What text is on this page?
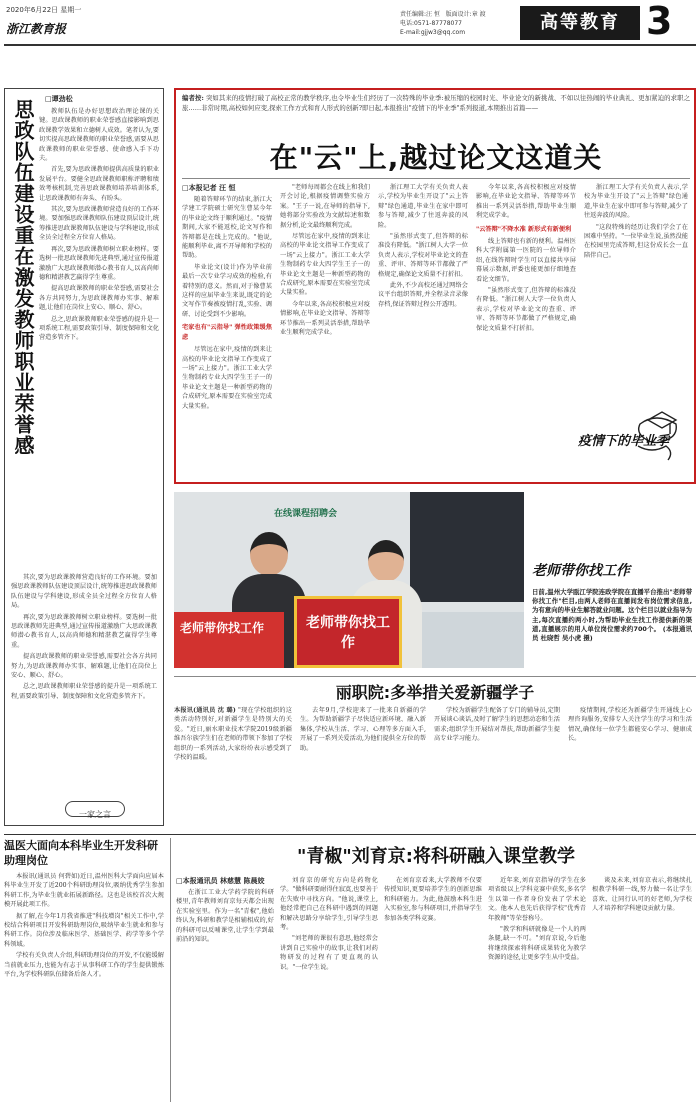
2020年6月22日 星期一
浙江教育报
责任编辑:汪 恒 版面设计:章 渡
电话:0571-87778077
E-mail:gjjw3@qq.com	高等教育 3
□谭劲松
思政队伍建设重在激发教师职业荣誉感	教师队伍是办好思想政治理论课的关键。思政课教师的职业荣誉感直接影响到思政课教学效果和立德树人成效。笔者认为,要切实提高思政课教师的职业荣誉感,需要从思政课教师的职业荣誉感、使命感入手下功夫。

首先,要为思政课教师提供高质量的职业发展平台。要健全思政课教师职称评聘和绩效考核机制,完善思政课教师培养培训体系,让思政课教师有奔头、有盼头。

其次,要为思政课教师营造良好的工作环境。要加强思政课教师队伍建设顶层设计,统筹推进思政课教师队伍建设与学科建设,形成全员全过程全方位育人格局。

再次,要为思政课教师树立职业榜样。要选树一批思政课教师先进典型,通过宣传报道激励广大思政课教师潜心教书育人,以高尚师德和精湛教艺赢得学生尊重。

提高思政课教师的职业荣誉感,需要社会各方共同努力,为思政课教师办实事、解难题,让他们在岗位上安心、顺心、舒心。

总之,思政课教师职业荣誉感的提升是一项系统工程,需要政策引导、制度保障和文化营造多管齐下。

其次,要为思政课教师营造良好的工作环境。要加强思政课教师队伍建设顶层设计,统筹推进思政课教师队伍建设与学科建设,形成全员全过程全方位育人格局。

再次,要为思政课教师树立职业榜样。要选树一批思政课教师先进典型,通过宣传报道激励广大思政课教师潜心教书育人,以高尚师德和精湛教艺赢得学生尊重。

提高思政课教师的职业荣誉感,需要社会各方共同努力,为思政课教师办实事、解难题,让他们在岗位上安心、顺心、舒心。

总之,思政课教师职业荣誉感的提升是一项系统工程,需要政策引导、制度保障和文化营造多管齐下。

一家之言
编者按: 突如其来的疫情打破了高校正常的教学秩序,也令毕业生们经历了一次特殊的毕业季:被压缩的校园时光、毕业论文的新挑战、不如以往热闹的毕业典礼、更加紧迫的求职之旅……非常时期,高校如何应变,探索工作方式和育人形式的创新?即日起,本报推出"疫情下的毕业季"系列报道,本期推出首篇——
在"云"上,越过论文这道关
□本报记者 汪 恒

随着答辩环节的结束,浙江大学建工学院硕士研究生曹某今年的毕业论文终于顺利通过。"疫情期间,大家不能返校,论文写作和答辩都是在线上完成的。"他说,能顺利毕业,离不开导师和学校的帮助。

毕业论文(设计)作为毕业前最后一次专业学习成效的检验,有着特别的意义。然而,对于像曹某这样的应届毕业生来说,既定的论文写作节奏被疫情打乱,实验、调研、讨论受到不少影响。

宅家也有"云指导" 弹性政策缓焦虑

尽管远在家中,疫情的到来让高校的毕业论文指导工作变成了一场"云上接力"。浙江工业大学生物制药专业大四学生王子一的毕业论文主题是一种新型药物的合成研究,原本需要在实验室完成大量实验。

"老师每周都会在线上和我们开会讨论,根据疫情调整实验方案。"王子一说,在导师的指导下,她将部分实验改为文献综述和数据分析,论文最终顺利完成。

尽管远在家中,疫情的到来让高校的毕业论文指导工作变成了一场"云上接力"。浙江工业大学生物制药专业大四学生王子一的毕业论文主题是一种新型药物的合成研究,原本需要在实验室完成大量实验。

今年以来,各高校积极应对疫情影响,在毕业论文指导、答辩等环节推出一系列灵活举措,帮助毕业生顺利完成学业。

浙江理工大学有关负责人表示,学校为毕业生开设了"云上答辩"绿色通道,毕业生在家中即可参与答辩,减少了往返奔波的风险。

"虽然形式变了,但答辩的标准没有降低。"浙江树人大学一位负责人表示,学校对毕业论文的查重、评审、答辩等环节都做了严格规定,确保论文质量不打折扣。

此外,不少高校还通过网络会议平台组织答辩,并全程录音录像存档,保证答辩过程公开透明。

今年以来,各高校积极应对疫情影响,在毕业论文指导、答辩等环节推出一系列灵活举措,帮助毕业生顺利完成学业。

"云答辩"不降水准 新形式有新便利

线上答辩也有新的便利。温州医科大学附属第一医院的一位导师介绍,在线答辩时学生可以直接共享屏幕展示数据,评委也能更加仔细地查看论文细节。

"虽然形式变了,但答辩的标准没有降低。"浙江树人大学一位负责人表示,学校对毕业论文的查重、评审、答辩等环节都做了严格规定,确保论文质量不打折扣。

浙江理工大学有关负责人表示,学校为毕业生开设了"云上答辩"绿色通道,毕业生在家中即可参与答辩,减少了往返奔波的风险。

"这段特殊的经历让我们学会了在困难中坚持。"一位毕业生说,虽然没能在校园里完成答辩,但这份成长会一直陪伴自己。

疫情下的毕业季
在线课程招聘会
老师带你找工作
老师带你找工作
老师带你找工作
日前,温州大学瓯江学院连政学院在直播平台推出"老师带你找工作"栏目,由两人老师在直播间发布岗位需求信息,为有意向的毕业生解答就业问题。这个栏目以就业指导为主,每次直播约两小时,为帮助毕业生找工作提供新的渠道,直播展示的用人单位岗位需求约700个。 (本报通讯员 杜晓哲 吴小虎 摄)
丽职院:多举措关爱新疆学子
本报讯(通讯员 沈 璐) "现在学校组织的这类活动特别好,对新疆学生是特别大的关爱。"近日,丽水职业技术学院2019级新疆维吾尔族学生们在老师的带领下参加了学校组织的一系列活动,大家纷纷表示感受到了学校的温暖。

去年9月,学校迎来了一批来自新疆的学生。为帮助新疆学子尽快适应新环境、融入新集体,学校从生活、学习、心理等多方面入手,开展了一系列关爱活动,为他们提供全方位的帮助。

学校为新疆学生配备了专门的辅导员,定期开展谈心谈话,及时了解学生的思想动态和生活需求;组织学生开展结对帮扶,帮助新疆学生提高专业学习能力。

疫情期间,学校还为新疆学生开通线上心理咨询服务,安排专人关注学生的学习和生活情况,确保每一位学生都能安心学习、健康成长。

温医大面向本科毕业生开发科研助理岗位

本报讯(通讯员 何碧如)近日,温州医科大学面向应届本科毕业生开发了近200个科研助理岗位,吸纳优秀学生参加科研工作,为毕业生就业拓展新路径。这也是该校首次大规模开展此项工作。

据了解,在今年1月我省推进"科技增岗"相关工作中,学校结合科研项目开发科研助理岗位,吸纳毕业生就业和参与科研工作。岗位涉及临床医学、基础医学、药学等多个学科领域。

学校有关负责人介绍,科研助理岗位的开发,不仅能缓解当前就业压力,也能为有志于从事科研工作的学生提供锻炼平台,为学校科研队伍储备后备人才。

"青椒"刘育京:将科研融入课堂教学
□本报通讯员 林慈慧 陈晨姣

在浙江工业大学药学院的科研楼里,青年教师刘育京每天都会出现在实验室里。作为一名"青椒",他始终认为,科研和教学是相辅相成的,好的科研可以反哺课堂,让学生学到最前沿的知识。

刘育京的研究方向是药物化学。"做科研要耐得住寂寞,也要善于在失败中寻找方向。"他说,课堂上,他经常把自己在科研中遇到的问题和解决思路分享给学生,引导学生思考。

"刘老师的课很有意思,他经常会讲到自己实验中的故事,让我们对药物研发的过程有了更直观的认识。"一位学生说。

在刘育京看来,大学教师不仅要传授知识,更要培养学生的创新思维和科研能力。为此,他鼓励本科生进入实验室,参与科研项目,并指导学生参加各类学科竞赛。

近年来,刘育京指导的学生在多项省级以上学科竞赛中获奖,多名学生以第一作者身份发表了学术论文。他本人也先后获得学校"优秀青年教师"等荣誉称号。

"教学和科研就像是一个人的两条腿,缺一不可。"刘育京说,今后他将继续探索将科研成果转化为教学资源的途径,让更多学生从中受益。

谈及未来,刘育京表示,将继续扎根教学科研一线,努力做一名让学生喜欢、让同行认可的好老师,为学校人才培养和学科建设贡献力量。
